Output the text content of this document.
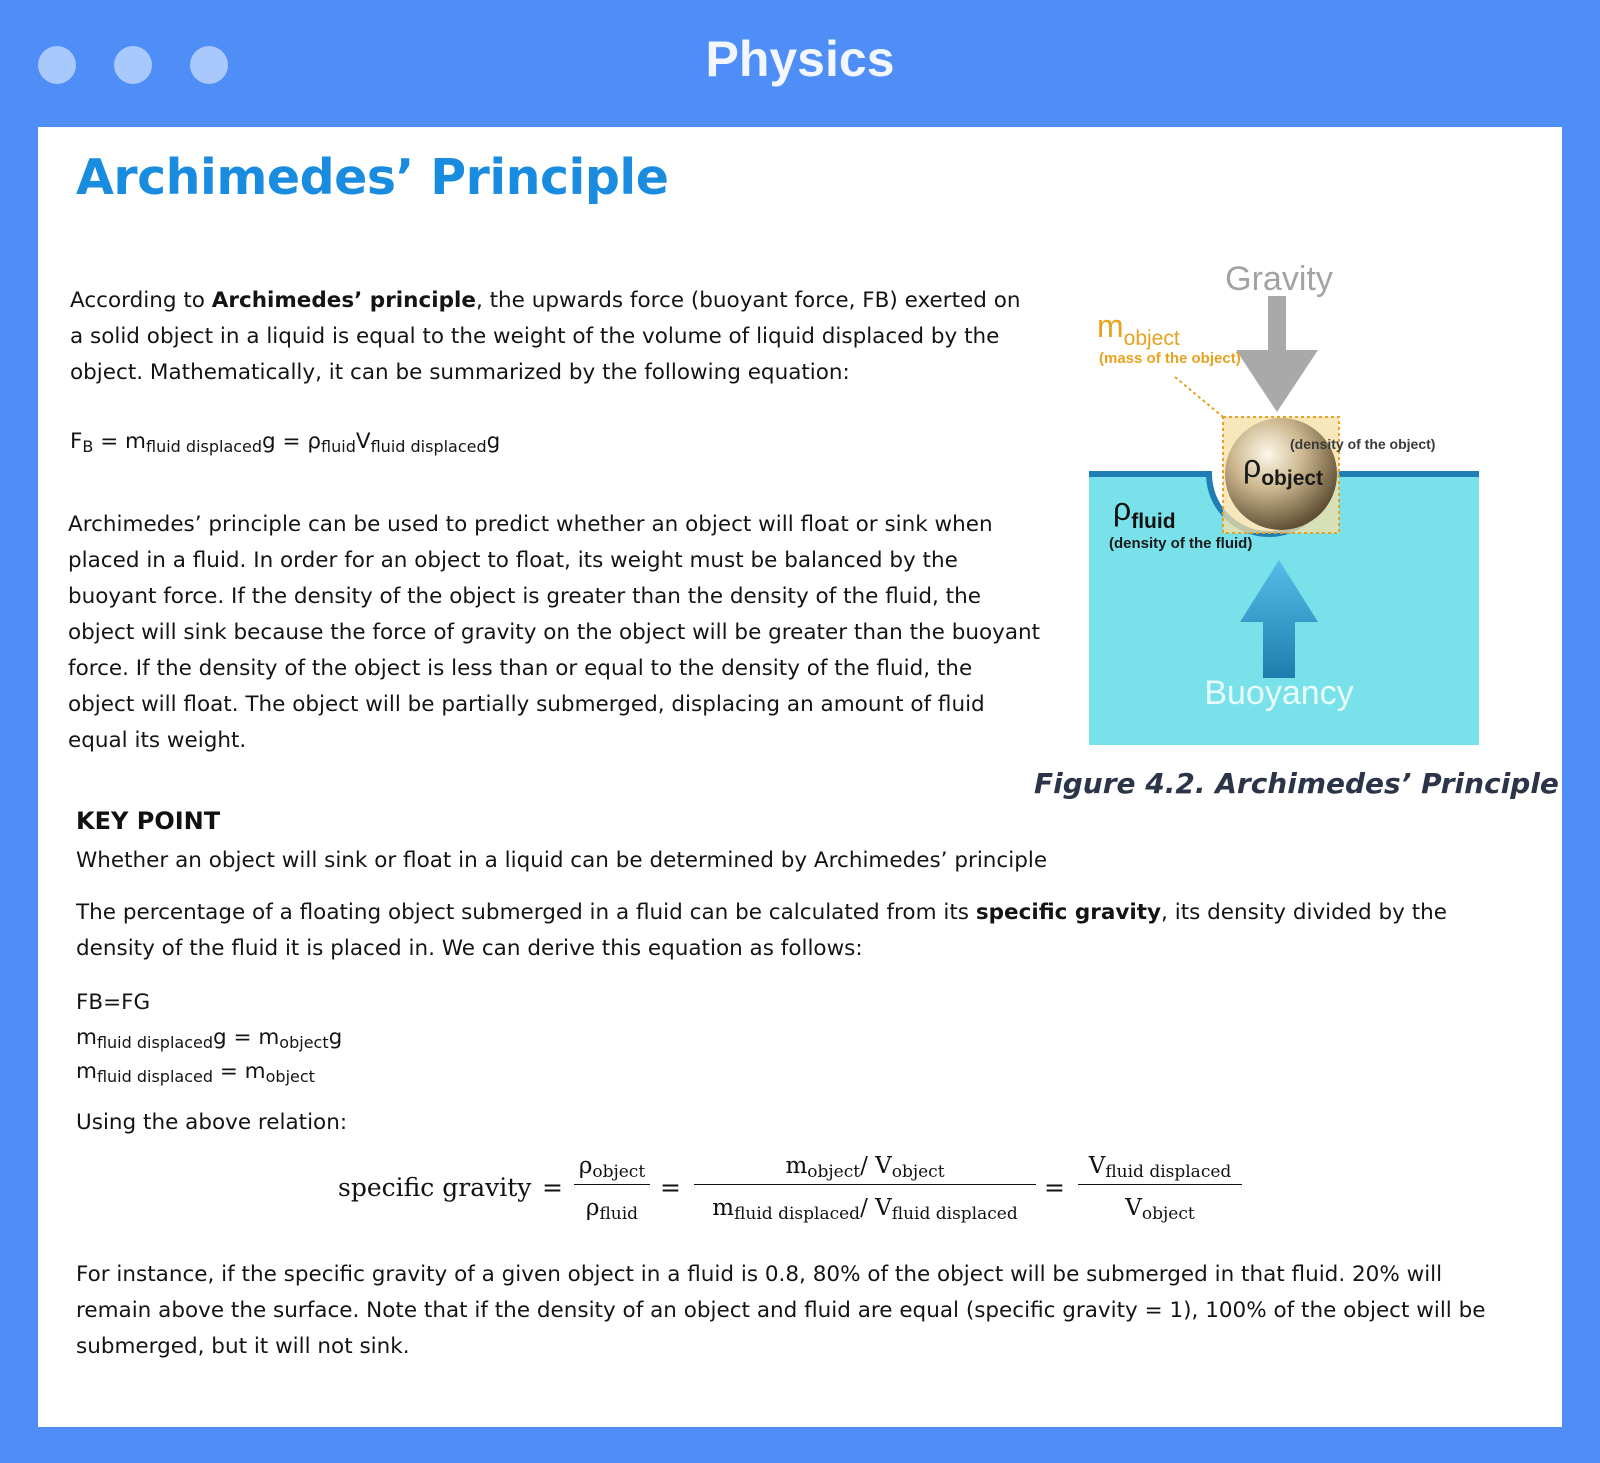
Physics
Archimedes’ Principle

According to Archimedes’ principle, the upwards force (buoyant force, FB) exerted on a solid object in a liquid is equal to the weight of the volume of liquid displaced by the object. Mathematically, it can be summarized by the following equation:

$F_B = m_{fluid displaced}g = \rho_{fluid}V_{fluid displaced}g$

Archimedes’ principle can be used to predict whether an object will float or sink when placed in a fluid. In order for an object to float, its weight must be balanced by the buoyant force. If the density of the object is greater than the density of the fluid, the object will sink because the force of gravity on the object will be greater than the buoyant force. If the density of the object is less than or equal to the density of the fluid, the object will float. The object will be partially submerged, displacing an amount of fluid equal its weight.

Gravity
Buoyancy
mobject
(mass of the object)
(density of the object)
ρobject
ρfluid
(density of the fluid)

Figure 4.2. Archimedes’ Principle

KEY POINT

Whether an object will sink or float in a liquid can be determined by Archimedes’ principle

The percentage of a floating object submerged in a fluid can be calculated from its specific gravity, its density divided by the density of the fluid it is placed in. We can derive this equation as follows:

FB=FG

$m_{fluid displaced}g = m_{object}g$

$m_{fluid displaced} = m_{object}$

Using the above relation:

specific gravity =
$\rho_{object}$
$\rho_{fluid}$
=
$m_{object}/$ $V_{object}$
$m_{fluid displaced}/$ $V_{fluid displaced}$
=
$V_{fluid displaced}$
$V_{object}$

For instance, if the specific gravity of a given object in a fluid is 0.8, 80% of the object will be submerged in that fluid. 20% will remain above the surface. Note that if the density of an object and fluid are equal (specific gravity = 1), 100% of the object will be submerged, but it will not sink.
